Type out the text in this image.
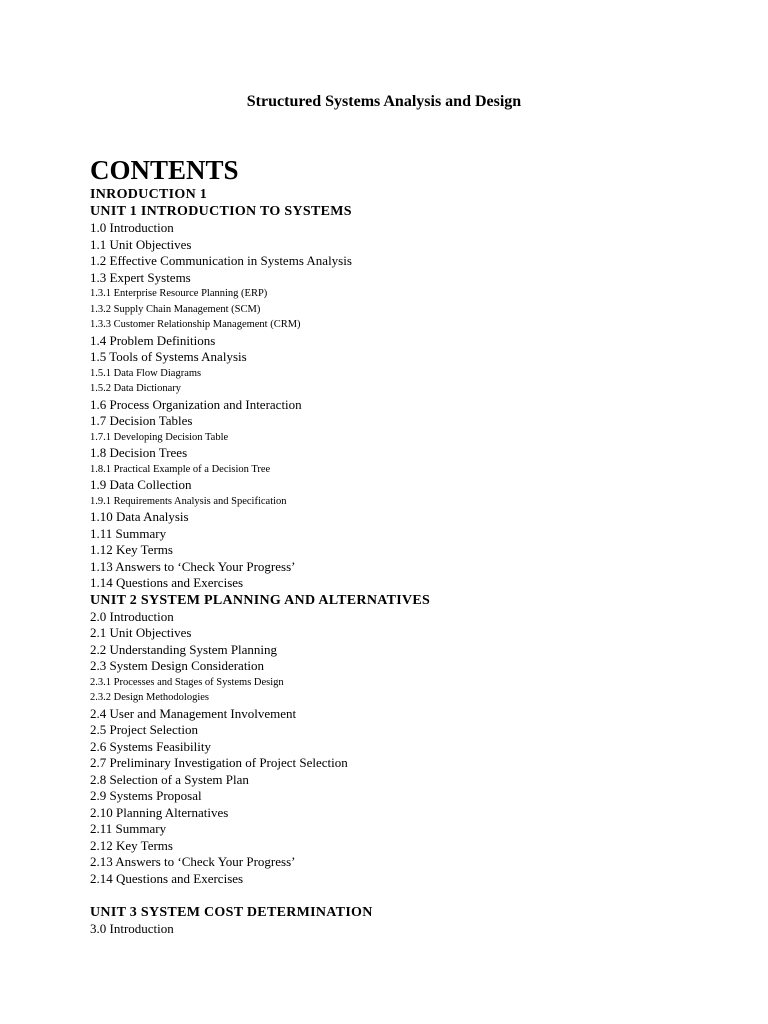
Structured Systems Analysis and Design
CONTENTS
INRODUCTION 1
UNIT 1 INTRODUCTION TO SYSTEMS
1.0 Introduction
1.1 Unit Objectives
1.2 Effective Communication in Systems Analysis
1.3 Expert Systems
1.3.1 Enterprise Resource Planning (ERP)
1.3.2 Supply Chain Management (SCM)
1.3.3 Customer Relationship Management (CRM)
1.4 Problem Definitions
1.5 Tools of Systems Analysis
1.5.1 Data Flow Diagrams
1.5.2 Data Dictionary
1.6 Process Organization and Interaction
1.7 Decision Tables
1.7.1 Developing Decision Table
1.8 Decision Trees
1.8.1 Practical Example of a Decision Tree
1.9 Data Collection
1.9.1 Requirements Analysis and Specification
1.10 Data Analysis
1.11 Summary
1.12 Key Terms
1.13 Answers to ‘Check Your Progress’
1.14 Questions and Exercises
UNIT 2 SYSTEM PLANNING AND ALTERNATIVES
2.0 Introduction
2.1 Unit Objectives
2.2 Understanding System Planning
2.3 System Design Consideration
2.3.1 Processes and Stages of Systems Design
2.3.2 Design Methodologies
2.4 User and Management Involvement
2.5 Project Selection
2.6 Systems Feasibility
2.7 Preliminary Investigation of Project Selection
2.8 Selection of a System Plan
2.9 Systems Proposal
2.10 Planning Alternatives
2.11 Summary
2.12 Key Terms
2.13 Answers to ‘Check Your Progress’
2.14 Questions and Exercises
UNIT 3 SYSTEM COST DETERMINATION
3.0 Introduction
